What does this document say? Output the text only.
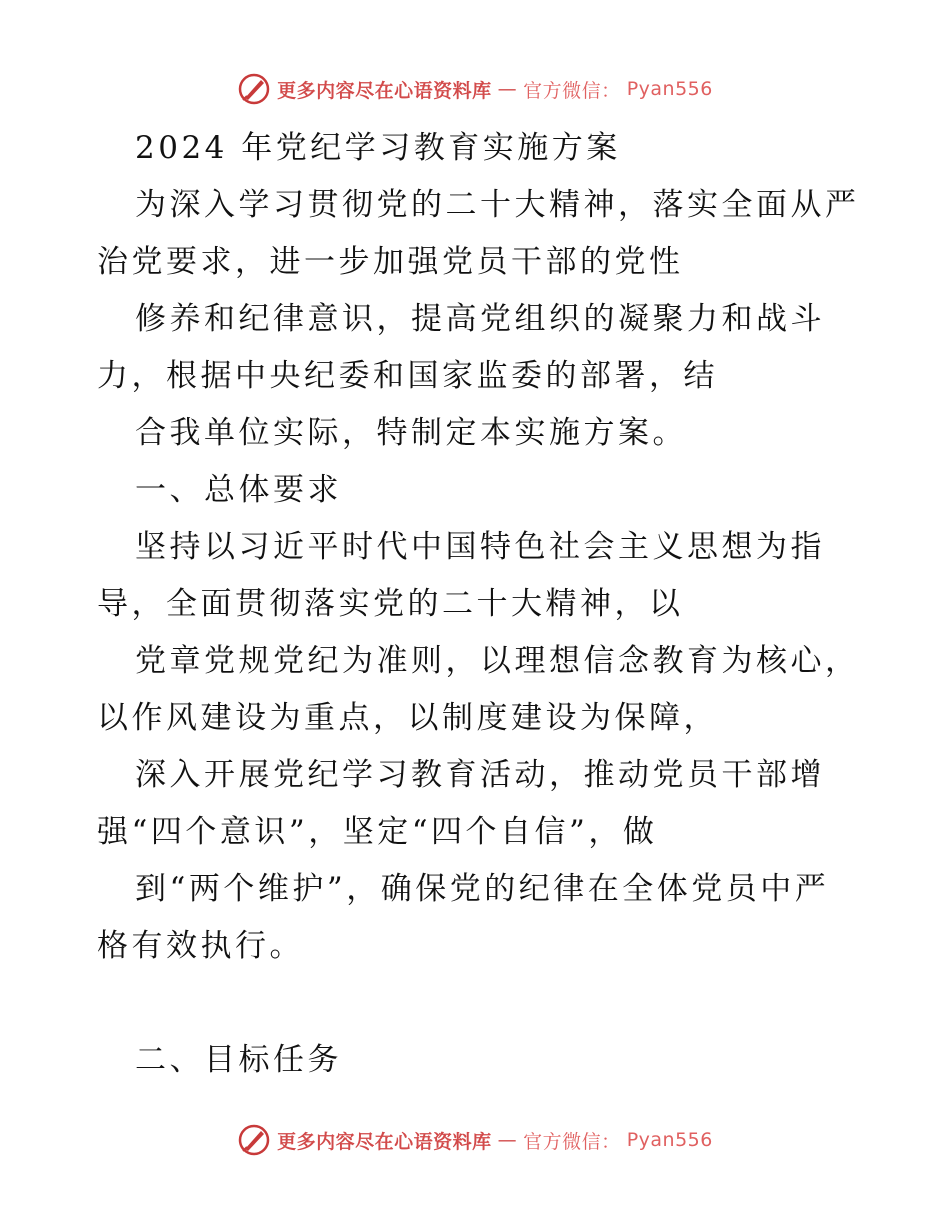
更多内容尽在心语资料库 — 官方微信： Pyan556
2024 年党纪学习教育实施方案
为深入学习贯彻党的二十大精神，落实全面从严
治党要求，进一步加强党员干部的党性
修养和纪律意识，提高党组织的凝聚力和战斗
力，根据中央纪委和国家监委的部署，结
合我单位实际，特制定本实施方案。
一、总体要求
坚持以习近平时代中国特色社会主义思想为指
导，全面贯彻落实党的二十大精神，以
党章党规党纪为准则，以理想信念教育为核心，
以作风建设为重点，以制度建设为保障，
深入开展党纪学习教育活动，推动党员干部增
强“四个意识”，坚定“四个自信”，做
到“两个维护”，确保党的纪律在全体党员中严
格有效执行。
二、目标任务
更多内容尽在心语资料库 — 官方微信： Pyan556
